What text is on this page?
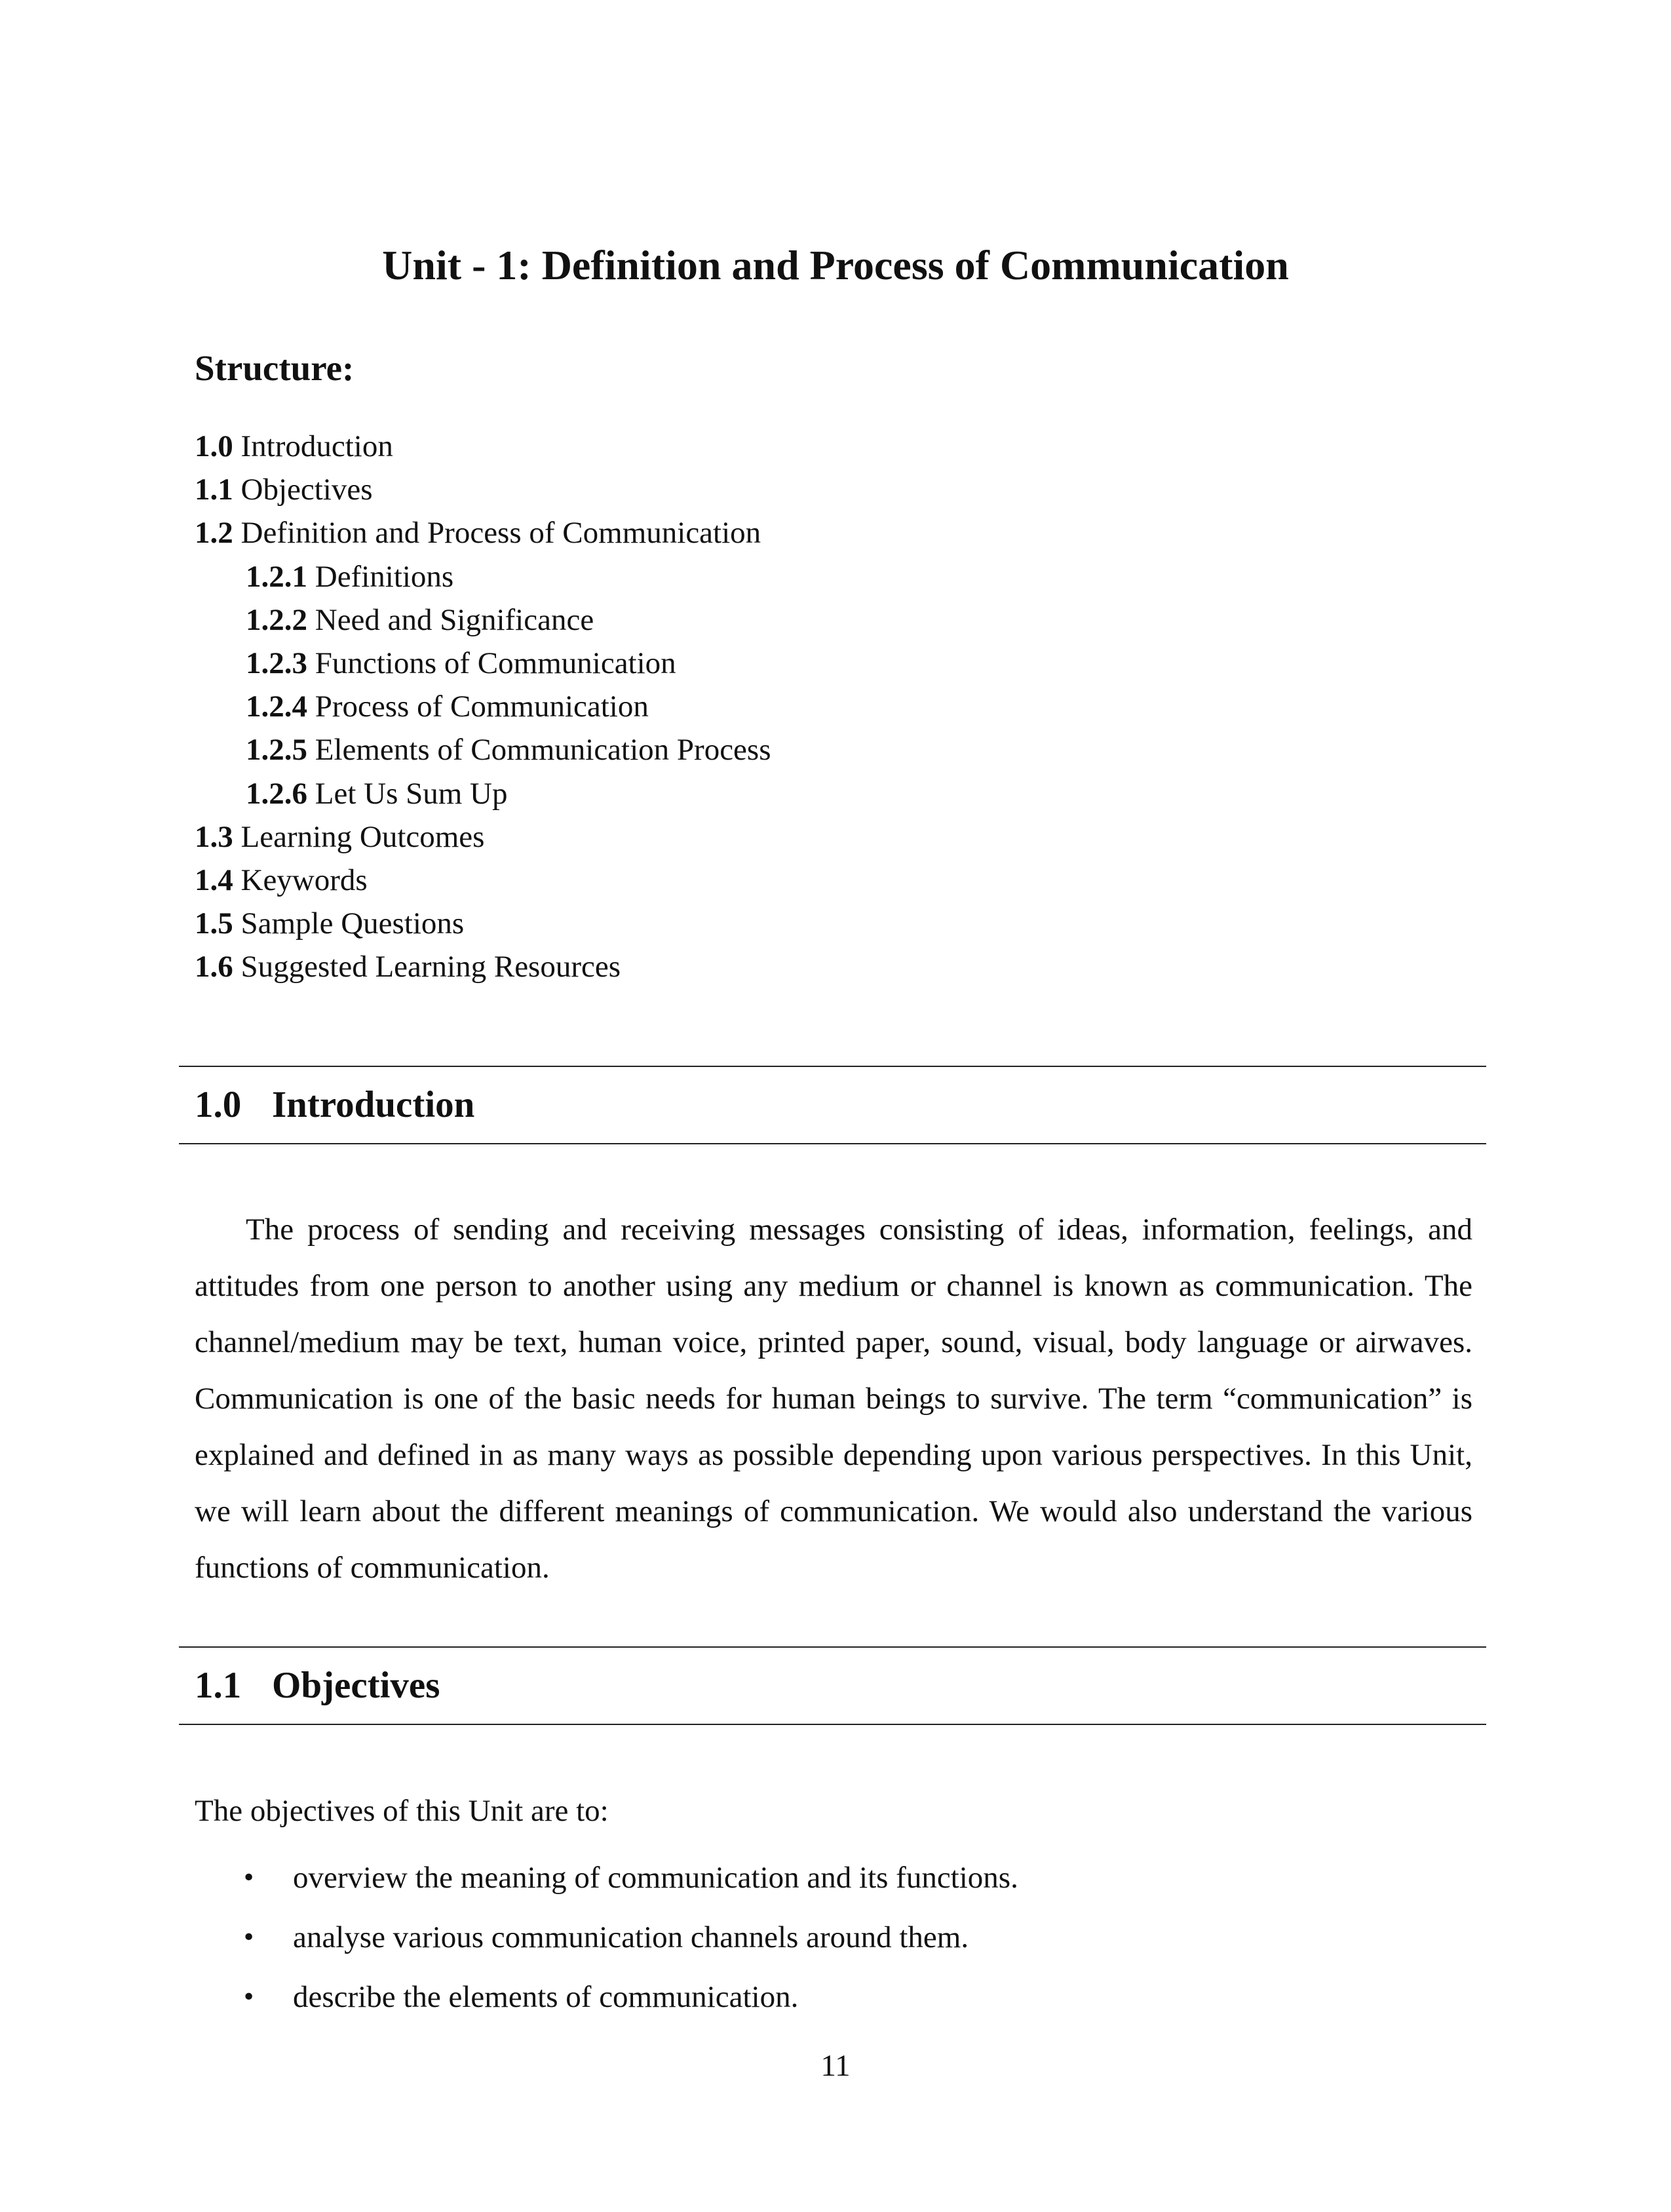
Unit - 1: Definition and Process of Communication
Structure:
1.0 Introduction
1.1 Objectives
1.2 Definition and Process of Communication
1.2.1 Definitions
1.2.2 Need and Significance
1.2.3 Functions of Communication
1.2.4 Process of Communication
1.2.5 Elements of Communication Process
1.2.6 Let Us Sum Up
1.3 Learning Outcomes
1.4 Keywords
1.5 Sample Questions
1.6 Suggested Learning Resources
1.0 Introduction

The process of sending and receiving messages consisting of ideas, information, feelings, and attitudes from one person to another using any medium or channel is known as communication. The channel/medium may be text, human voice, printed paper, sound, visual, body language or airwaves. Communication is one of the basic needs for human beings to survive. The term “communication” is explained and defined in as many ways as possible depending upon various perspectives. In this Unit, we will learn about the different meanings of communication. We would also understand the various functions of communication.

1.1 Objectives

The objectives of this Unit are to:

• overview the meaning of communication and its functions.
• analyse various communication channels around them.
• describe the elements of communication.

11
